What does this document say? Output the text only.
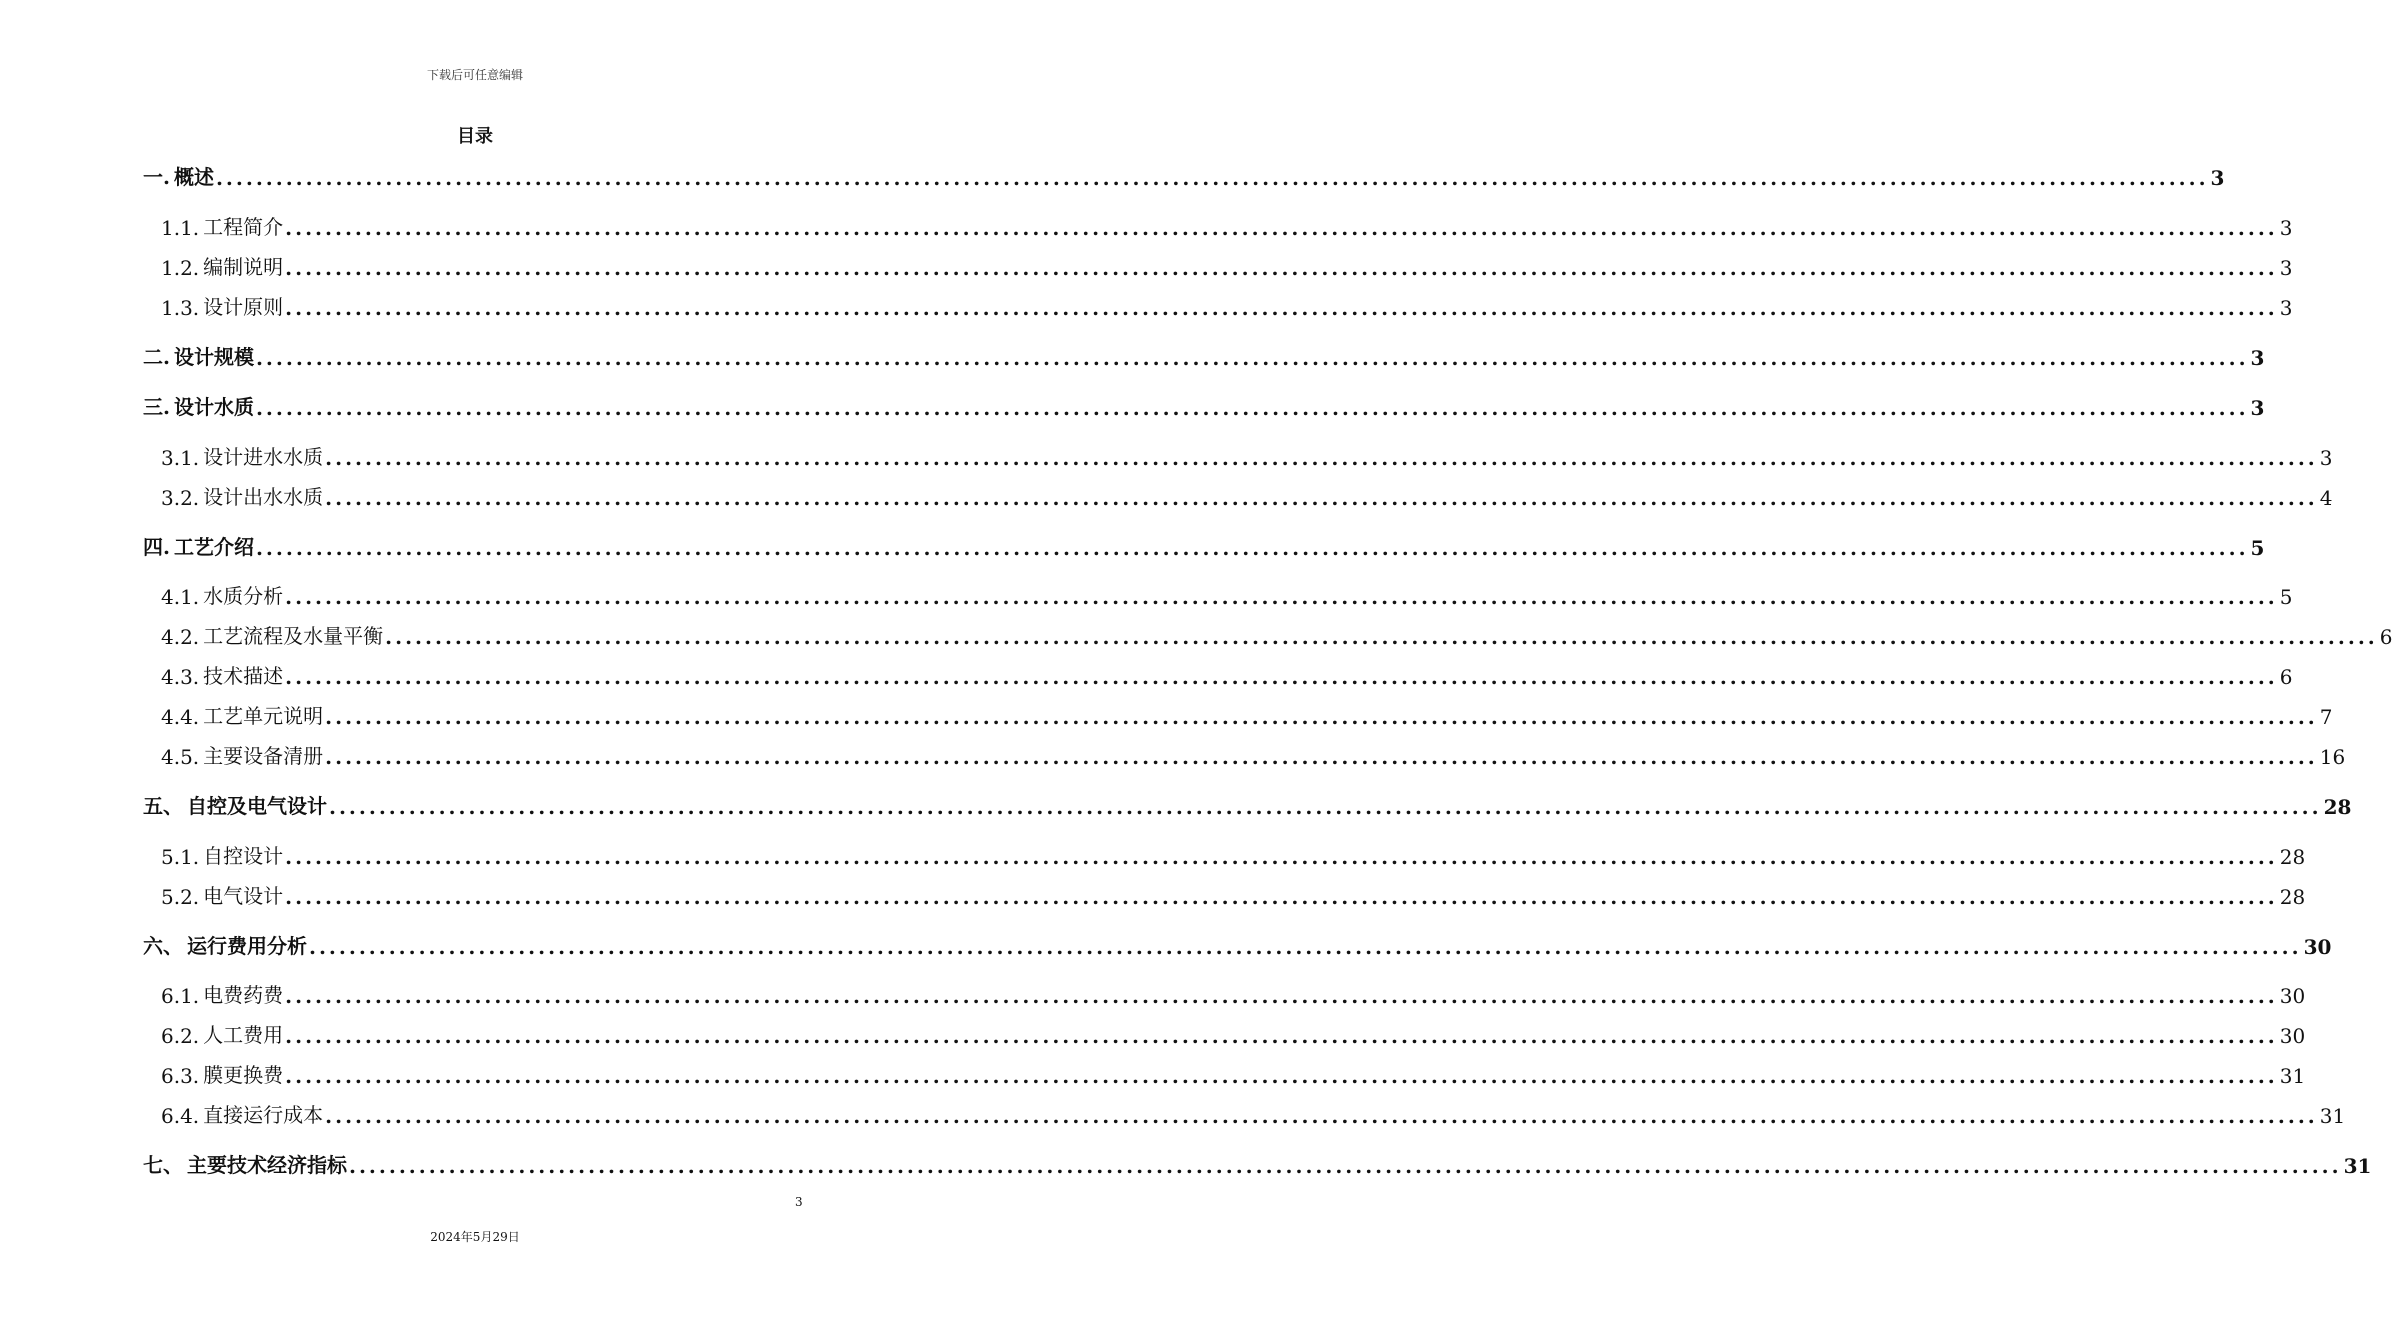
下载后可任意编辑
目录
一. 概述 ........................................................................................................................................................................................................ 3
1.1. 工程简介 ........................................................................................................................................................................................................ 3
1.2. 编制说明 ........................................................................................................................................................................................................ 3
1.3. 设计原则 ........................................................................................................................................................................................................ 3
二. 设计规模 ........................................................................................................................................................................................................ 3
三. 设计水质 ........................................................................................................................................................................................................ 3
3.1. 设计进水水质 ........................................................................................................................................................................................................ 3
3.2. 设计出水水质 ........................................................................................................................................................................................................ 4
四. 工艺介绍 ........................................................................................................................................................................................................ 5
4.1. 水质分析 ........................................................................................................................................................................................................ 5
4.2. 工艺流程及水量平衡 ........................................................................................................................................................................................................ 6
4.3. 技术描述 ........................................................................................................................................................................................................ 6
4.4. 工艺单元说明 ........................................................................................................................................................................................................ 7
4.5. 主要设备清册 ........................................................................................................................................................................................................ 16
五、 自控及电气设计 ........................................................................................................................................................................................................ 28
5.1. 自控设计 ........................................................................................................................................................................................................ 28
5.2. 电气设计 ........................................................................................................................................................................................................ 28
六、 运行费用分析 ........................................................................................................................................................................................................ 30
6.1. 电费药费 ........................................................................................................................................................................................................ 30
6.2. 人工费用 ........................................................................................................................................................................................................ 30
6.3. 膜更换费 ........................................................................................................................................................................................................ 31
6.4. 直接运行成本 ........................................................................................................................................................................................................ 31
七、 主要技术经济指标 ........................................................................................................................................................................................................ 31
3
2024年5月29日
